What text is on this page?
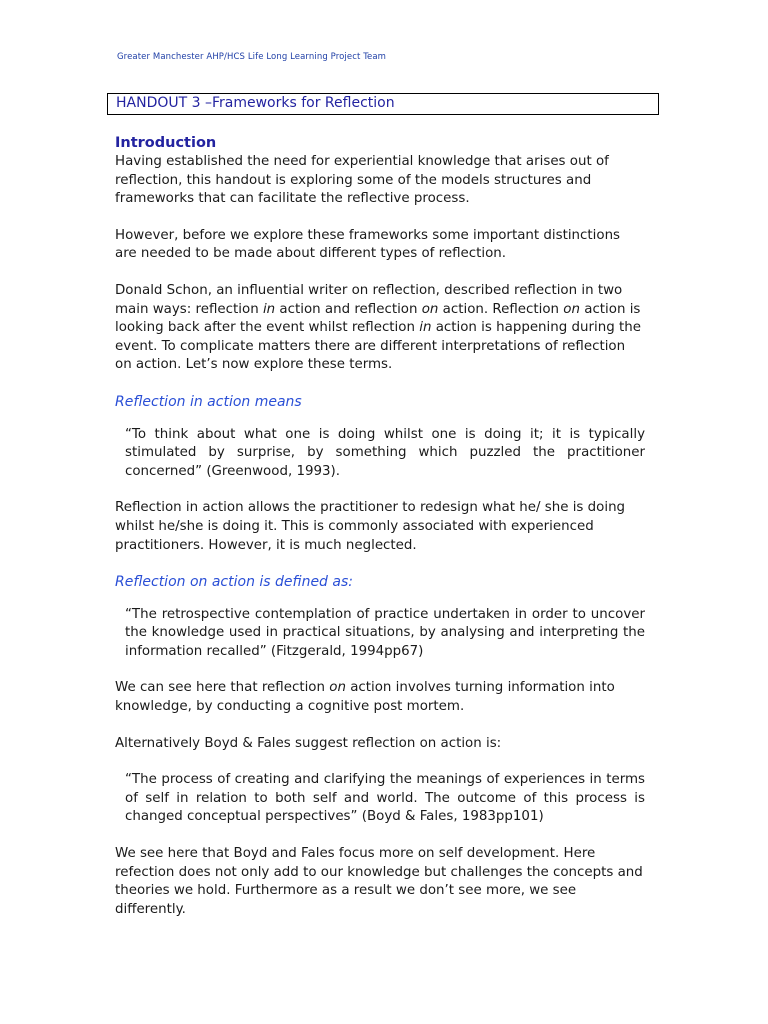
Greater Manchester AHP/HCS Life Long Learning Project Team
HANDOUT 3 –Frameworks for Reflection

Introduction

Having established the need for experiential knowledge that arises out of reflection, this handout is exploring some of the models structures and frameworks that can facilitate the reflective process.

However, before we explore these frameworks some important distinctions are needed to be made about different types of reflection.

Donald Schon, an influential writer on reflection, described reflection in two main ways: reflection in action and reflection on action. Reflection on action is looking back after the event whilst reflection in action is happening during the event. To complicate matters there are different interpretations of reflection on action. Let’s now explore these terms.

Reflection in action means

“To think about what one is doing whilst one is doing it; it is typically stimulated by surprise, by something which puzzled the practitioner concerned” (Greenwood, 1993).

Reflection in action allows the practitioner to redesign what he/ she is doing whilst he/she is doing it. This is commonly associated with experienced practitioners. However, it is much neglected.

Reflection on action is defined as:

“The retrospective contemplation of practice undertaken in order to uncover the knowledge used in practical situations, by analysing and interpreting the information recalled” (Fitzgerald, 1994pp67)

We can see here that reflection on action involves turning information into knowledge, by conducting a cognitive post mortem.

Alternatively Boyd & Fales suggest reflection on action is:

“The process of creating and clarifying the meanings of experiences in terms of self in relation to both self and world. The outcome of this process is changed conceptual perspectives” (Boyd & Fales, 1983pp101)

We see here that Boyd and Fales focus more on self development. Here refection does not only add to our knowledge but challenges the concepts and theories we hold. Furthermore as a result we don’t see more, we see differently.
